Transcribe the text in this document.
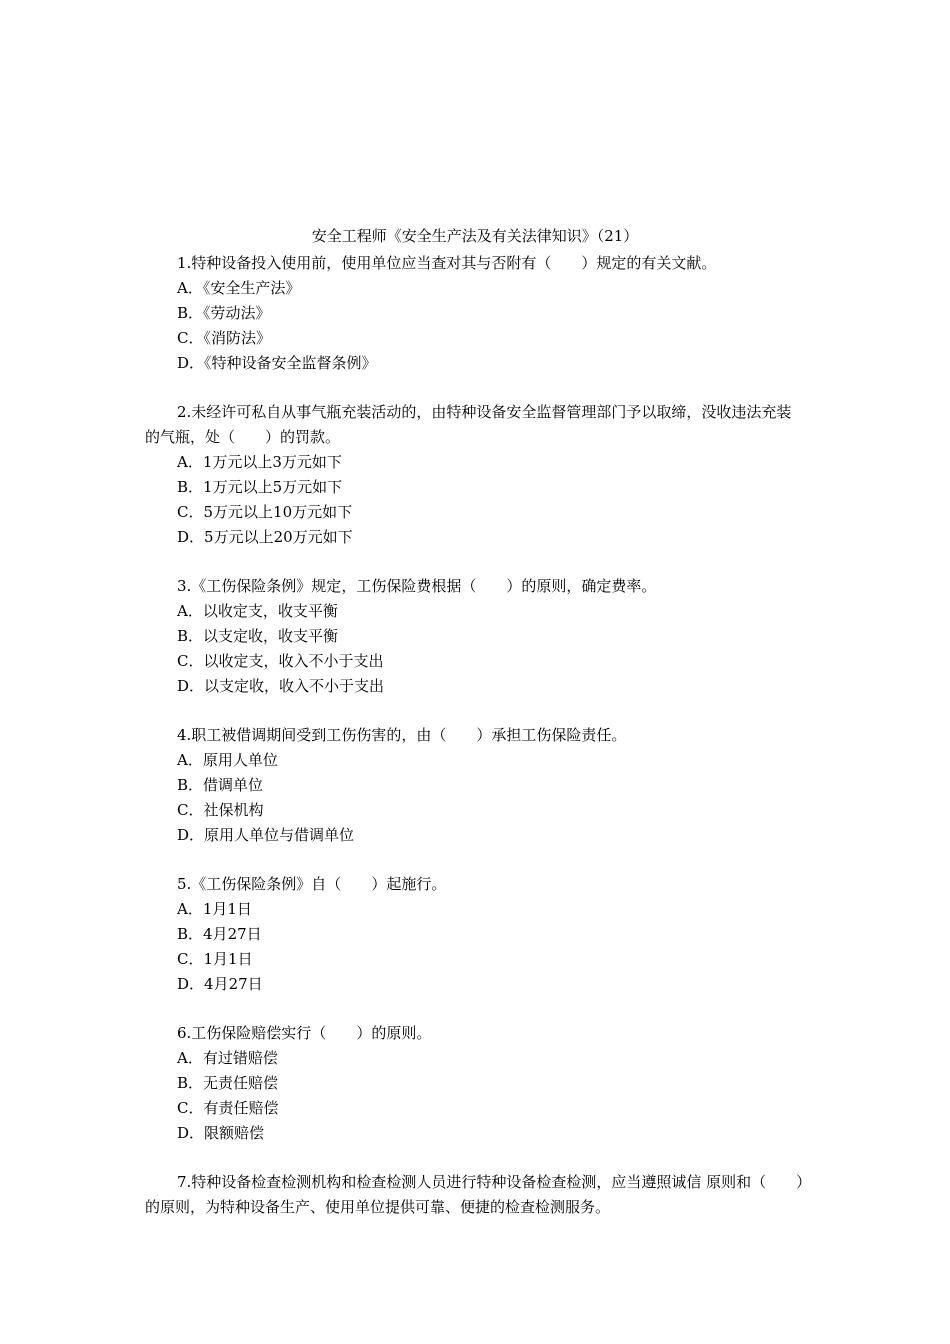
安全工程师《安全生产法及有关法律知识》（21）

1.特种设备投入使用前，使用单位应当查对其与否附有（　　）规定的有关文献。

A．《安全生产法》

B．《劳动法》

C．《消防法》

D．《特种设备安全监督条例》

2.未经许可私自从事气瓶充装活动的，由特种设备安全监督管理部门予以取缔，没收违法充装的气瓶，处（　　）的罚款。

A．1万元以上3万元如下

B．1万元以上5万元如下

C．5万元以上10万元如下

D．5万元以上20万元如下

3.《工伤保险条例》规定，工伤保险费根据（　　）的原则，确定费率。

A．以收定支，收支平衡

B．以支定收，收支平衡

C．以收定支，收入不小于支出

D．以支定收，收入不小于支出

4.职工被借调期间受到工伤伤害的，由（　　）承担工伤保险责任。

A．原用人单位

B．借调单位

C．社保机构

D．原用人单位与借调单位

5.《工伤保险条例》自（　　）起施行。

A．1月1日

B．4月27日

C．1月1日

D．4月27日

6.工伤保险赔偿实行（　　）的原则。

A．有过错赔偿

B．无责任赔偿

C．有责任赔偿

D．限额赔偿

7.特种设备检查检测机构和检查检测人员进行特种设备检查检测，应当遵照诚信 原则和（　　）的原则，为特种设备生产、使用单位提供可靠、便捷的检查检测服务。
